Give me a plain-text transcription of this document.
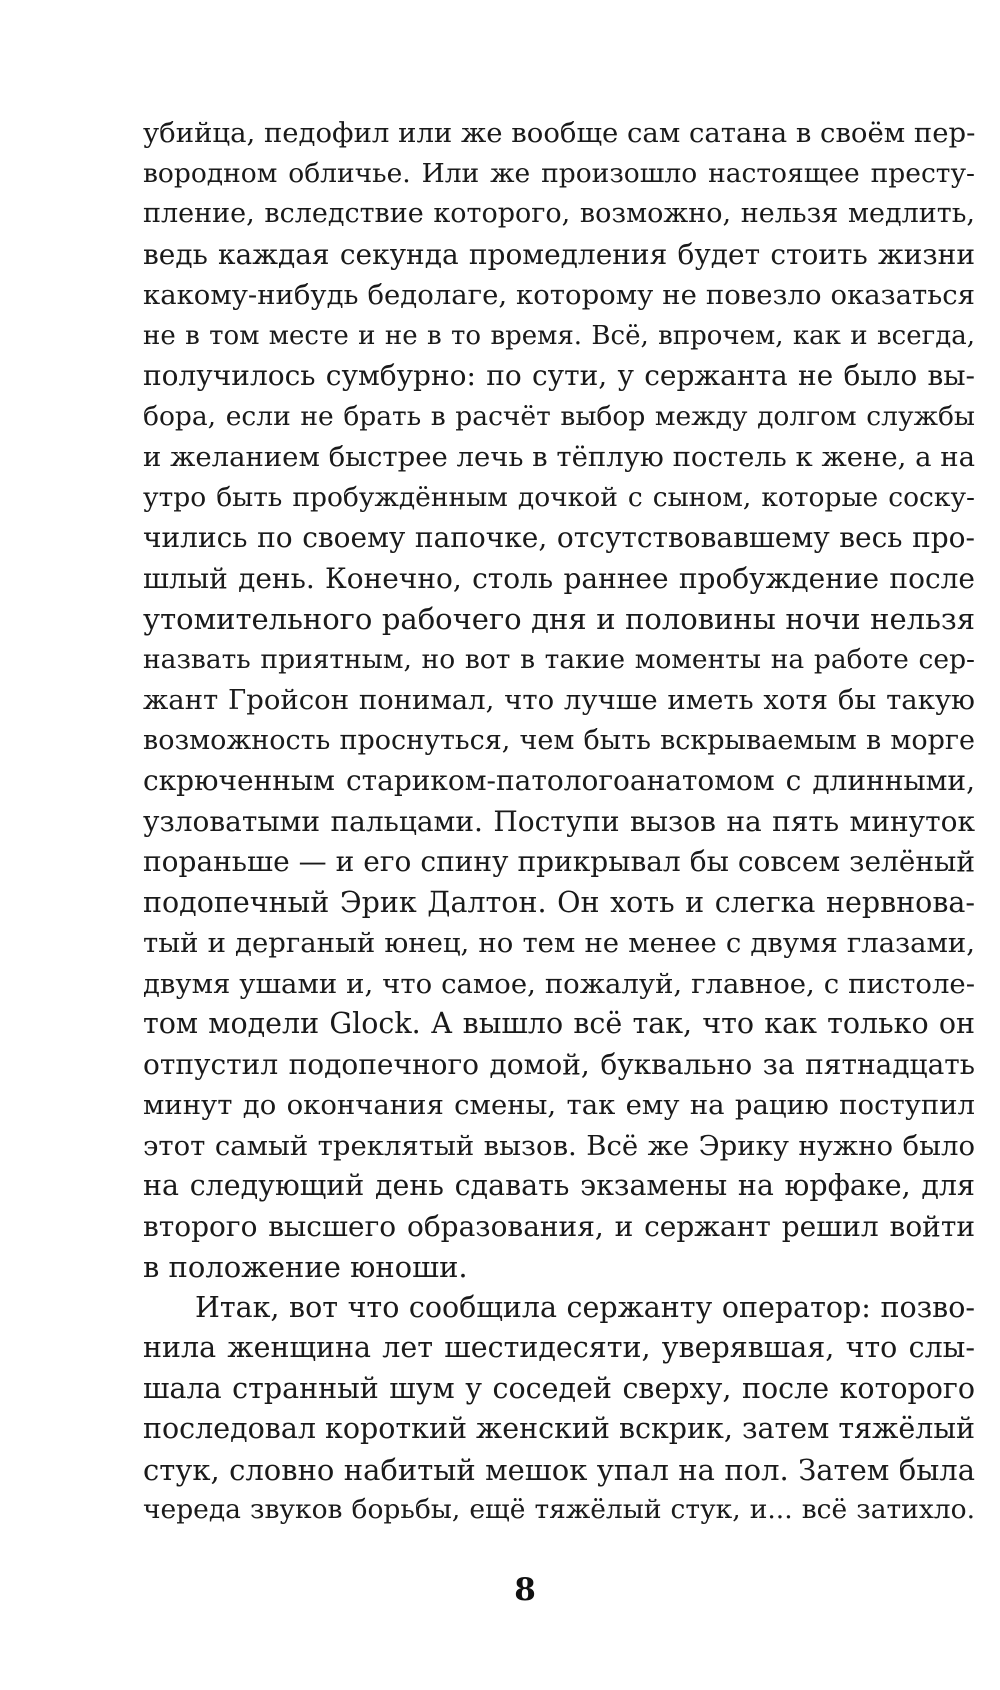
убийца, педофил или же вообще сам сатана в своём пер-
вородном обличье. Или же произошло настоящее престу-
пление, вследствие которого, возможно, нельзя медлить,
ведь каждая секунда промедления будет стоить жизни
какому-нибудь бедолаге, которому не повезло оказаться
не в том месте и не в то время. Всё, впрочем, как и всегда,
получилось сумбурно: по сути, у сержанта не было вы-
бора, если не брать в расчёт выбор между долгом службы
и желанием быстрее лечь в тёплую постель к жене, а на
утро быть пробуждённым дочкой с сыном, которые соску-
чились по своему папочке, отсутствовавшему весь про-
шлый день. Конечно, столь раннее пробуждение после
утомительного рабочего дня и половины ночи нельзя
назвать приятным, но вот в такие моменты на работе сер-
жант Гройсон понимал, что лучше иметь хотя бы такую
возможность проснуться, чем быть вскрываемым в морге
скрюченным стариком-патологоанатомом с длинными,
узловатыми пальцами. Поступи вызов на пять минуток
пораньше — и его спину прикрывал бы совсем зелёный
подопечный Эрик Далтон. Он хоть и слегка нервнова-
тый и дерганый юнец, но тем не менее с двумя глазами,
двумя ушами и, что самое, пожалуй, главное, с пистоле-
том модели Glock. А вышло всё так, что как только он
отпустил подопечного домой, буквально за пятнадцать
минут до окончания смены, так ему на рацию поступил
этот самый треклятый вызов. Всё же Эрику нужно было
на следующий день сдавать экзамены на юрфаке, для
второго высшего образования, и сержант решил войти
в положение юноши.
Итак, вот что сообщила сержанту оператор: позво-
нила женщина лет шестидесяти, уверявшая, что слы-
шала странный шум у соседей сверху, после которого
последовал короткий женский вскрик, затем тяжёлый
стук, словно набитый мешок упал на пол. Затем была
череда звуков борьбы, ещё тяжёлый стук, и... всё затихло.
8
